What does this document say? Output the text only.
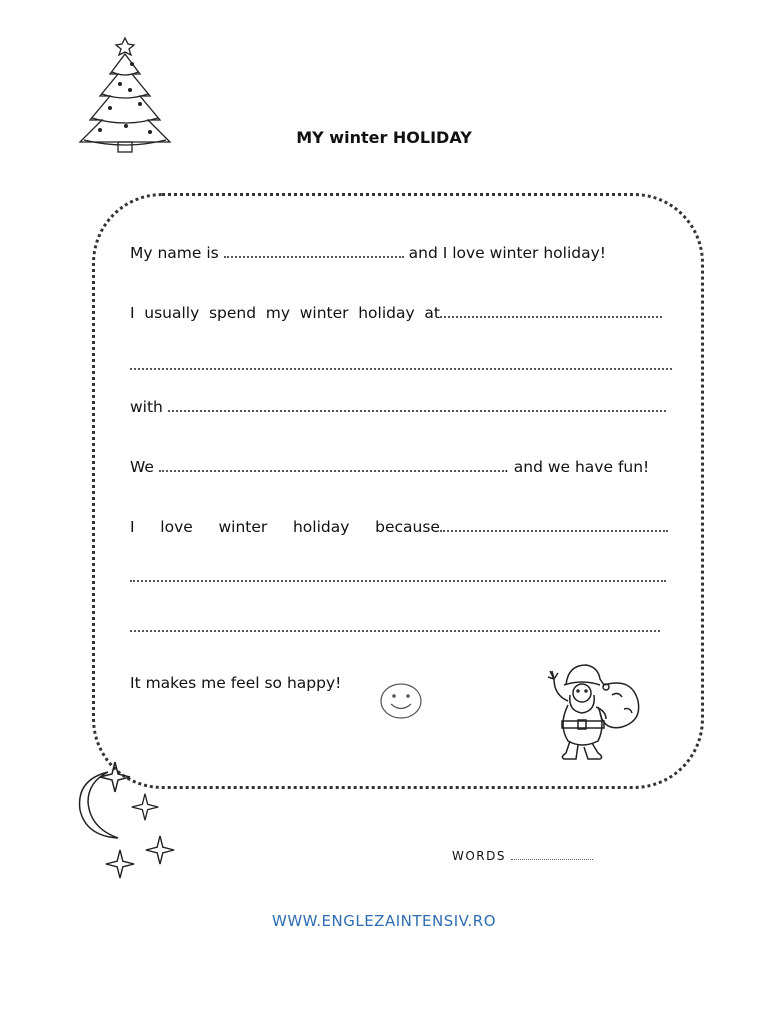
MY winter HOLIDAY
My name is	and I love winter holiday!
I usually spend my winter holiday at
with
We	. and we have fun!
I love winter holiday because
It makes me feel so happy!
WORDS
WWW.ENGLEZAINTENSIV.RO
